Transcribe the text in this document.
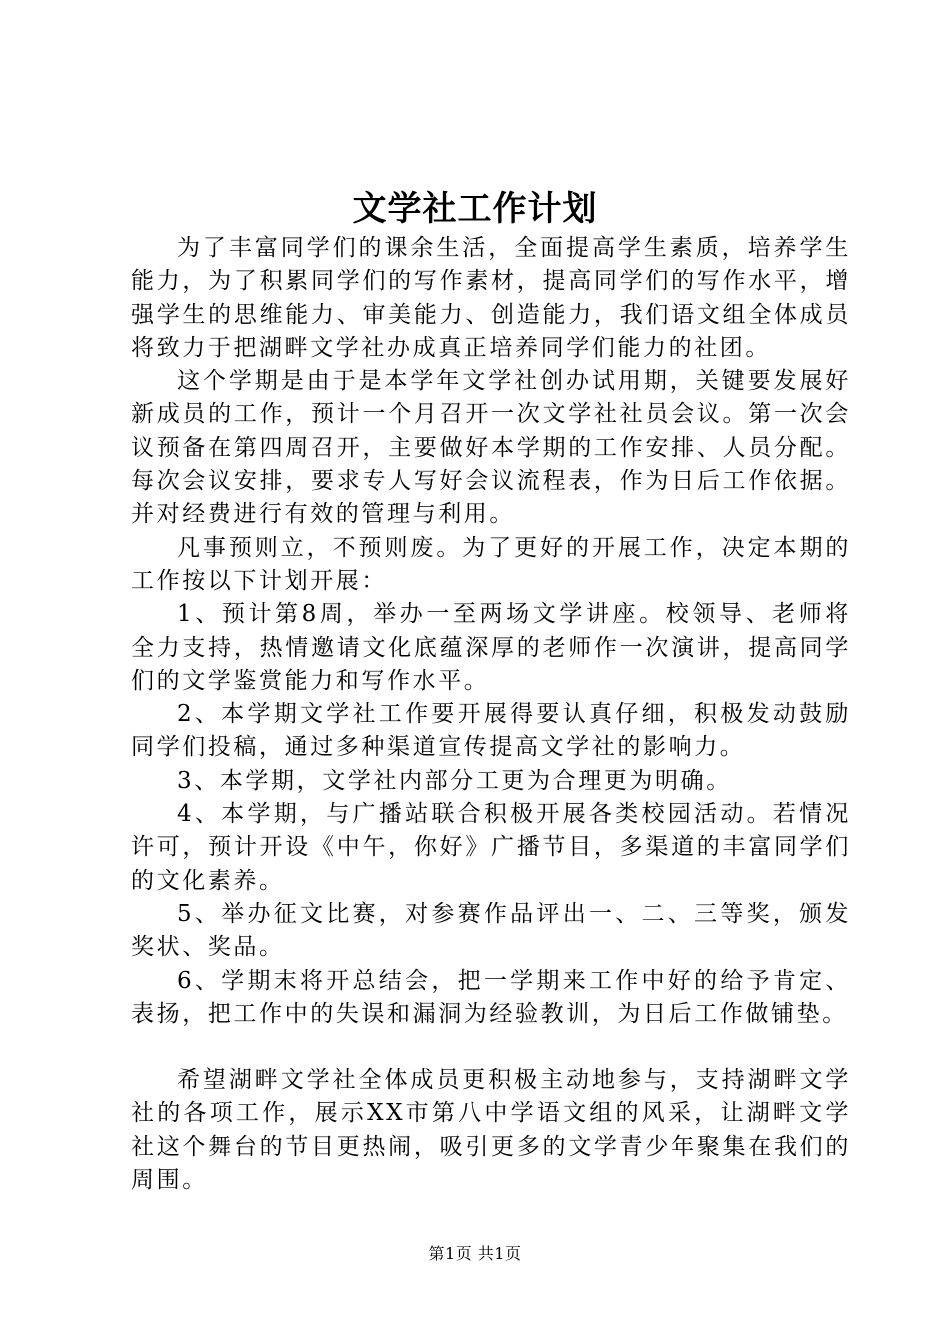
文学社工作计划

为了丰富同学们的课余生活，全面提高学生素质，培养学生能力，为了积累同学们的写作素材，提高同学们的写作水平，增强学生的思维能力、审美能力、创造能力，我们语文组全体成员将致力于把湖畔文学社办成真正培养同学们能力的社团。

这个学期是由于是本学年文学社创办试用期，关键要发展好新成员的工作，预计一个月召开一次文学社社员会议。第一次会议预备在第四周召开，主要做好本学期的工作安排、人员分配。每次会议安排，要求专人写好会议流程表，作为日后工作依据。并对经费进行有效的管理与利用。

凡事预则立，不预则废。为了更好的开展工作，决定本期的工作按以下计划开展：

1、预计第8周，举办一至两场文学讲座。校领导、老师将全力支持，热情邀请文化底蕴深厚的老师作一次演讲，提高同学们的文学鉴赏能力和写作水平。

2、本学期文学社工作要开展得要认真仔细，积极发动鼓励同学们投稿，通过多种渠道宣传提高文学社的影响力。

3、本学期，文学社内部分工更为合理更为明确。

4、本学期，与广播站联合积极开展各类校园活动。若情况许可，预计开设《中午，你好》广播节目，多渠道的丰富同学们的文化素养。

5、举办征文比赛，对参赛作品评出一、二、三等奖，颁发奖状、奖品。

6、学期末将开总结会，把一学期来工作中好的给予肯定、表扬，把工作中的失误和漏洞为经验教训，为日后工作做铺垫。

希望湖畔文学社全体成员更积极主动地参与，支持湖畔文学社的各项工作，展示XX市第八中学语文组的风采，让湖畔文学社这个舞台的节目更热闹，吸引更多的文学青少年聚集在我们的周围。

第1页 共1页
